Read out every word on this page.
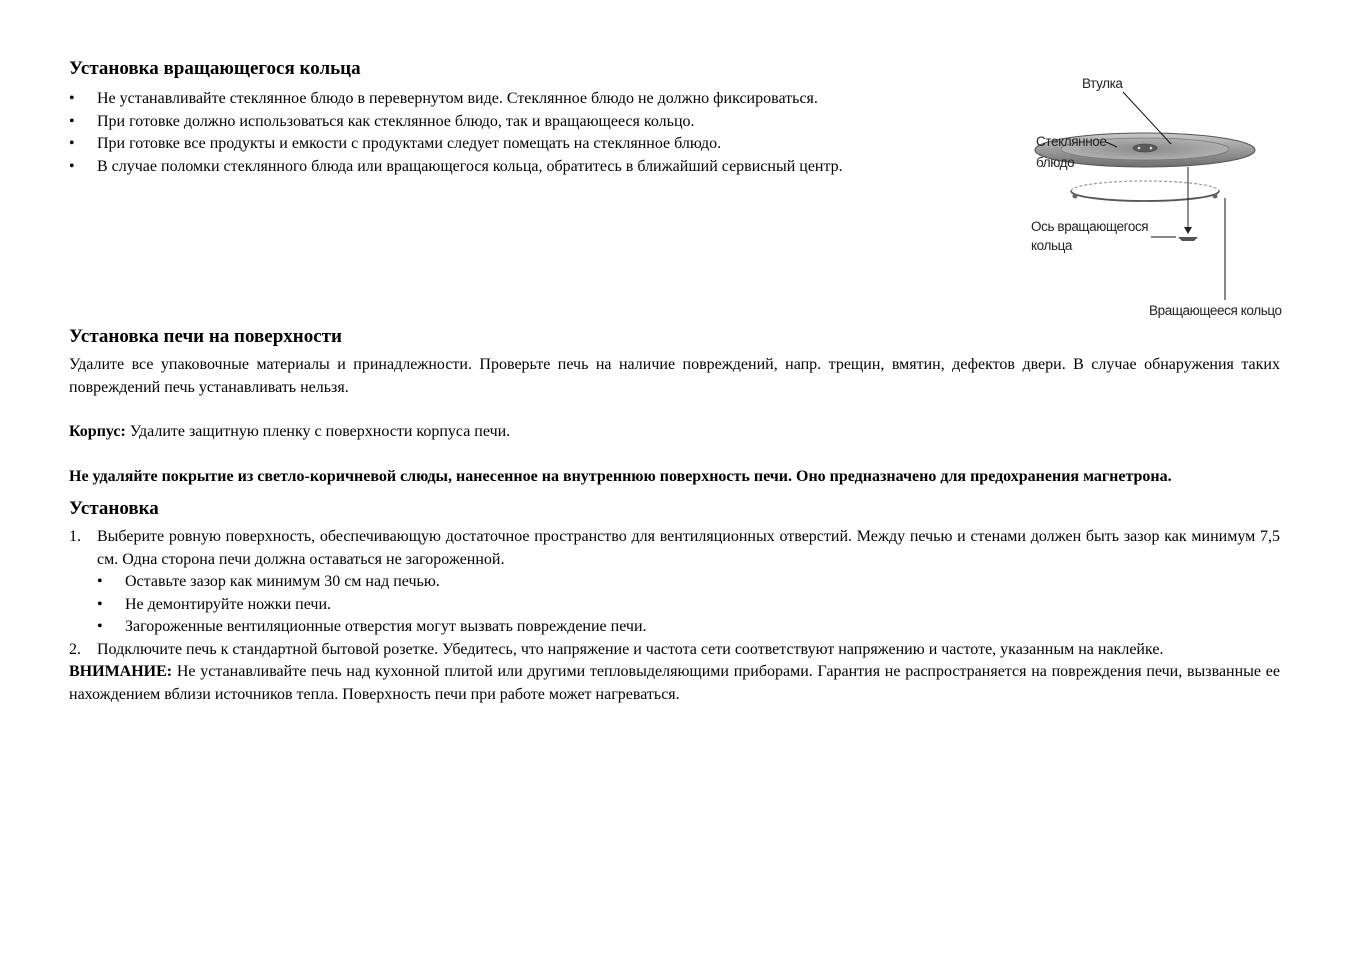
Установка вращающегося кольца
• Не устанавливайте стеклянное блюдо в перевернутом виде. Стеклянное блюдо не должно фиксироваться.
• При готовке должно использоваться как стеклянное блюдо, так и вращающееся кольцо.
• При готовке все продукты и емкости с продуктами следует помещать на стеклянное блюдо.
• В случае поломки стеклянного блюда или вращающегося кольца, обратитесь в ближайший сервисный центр.
Втулка
Стеклянное
блюдо
Ось вращающегося
кольца
Вращающееся кольцо
Установка печи на поверхности

Удалите все упаковочные материалы и принадлежности. Проверьте печь на наличие повреждений, напр. трещин, вмятин, дефектов двери. В случае обнаружения таких повреждений печь устанавливать нельзя.

Корпус: Удалите защитную пленку с поверхности корпуса печи.

Не удаляйте покрытие из светло-коричневой слюды, нанесенное на внутреннюю поверхность печи. Оно предназначено для предохранения магнетрона.

Установка
1. Выберите ровную поверхность, обеспечивающую достаточное пространство для вентиляционных отверстий. Между печью и стенами должен быть зазор как минимум 7,5 см. Одна сторона печи должна оставаться не загороженной.
• Оставьте зазор как минимум 30 см над печью.
• Не демонтируйте ножки печи.
• Загороженные вентиляционные отверстия могут вызвать повреждение печи.
2. Подключите печь к стандартной бытовой розетке. Убедитесь, что напряжение и частота сети соответствуют напряжению и частоте, указанным на наклейке.

ВНИМАНИЕ: Не устанавливайте печь над кухонной плитой или другими тепловыделяющими приборами. Гарантия не распространяется на повреждения печи, вызванные ее нахождением вблизи источников тепла. Поверхность печи при работе может нагреваться.
